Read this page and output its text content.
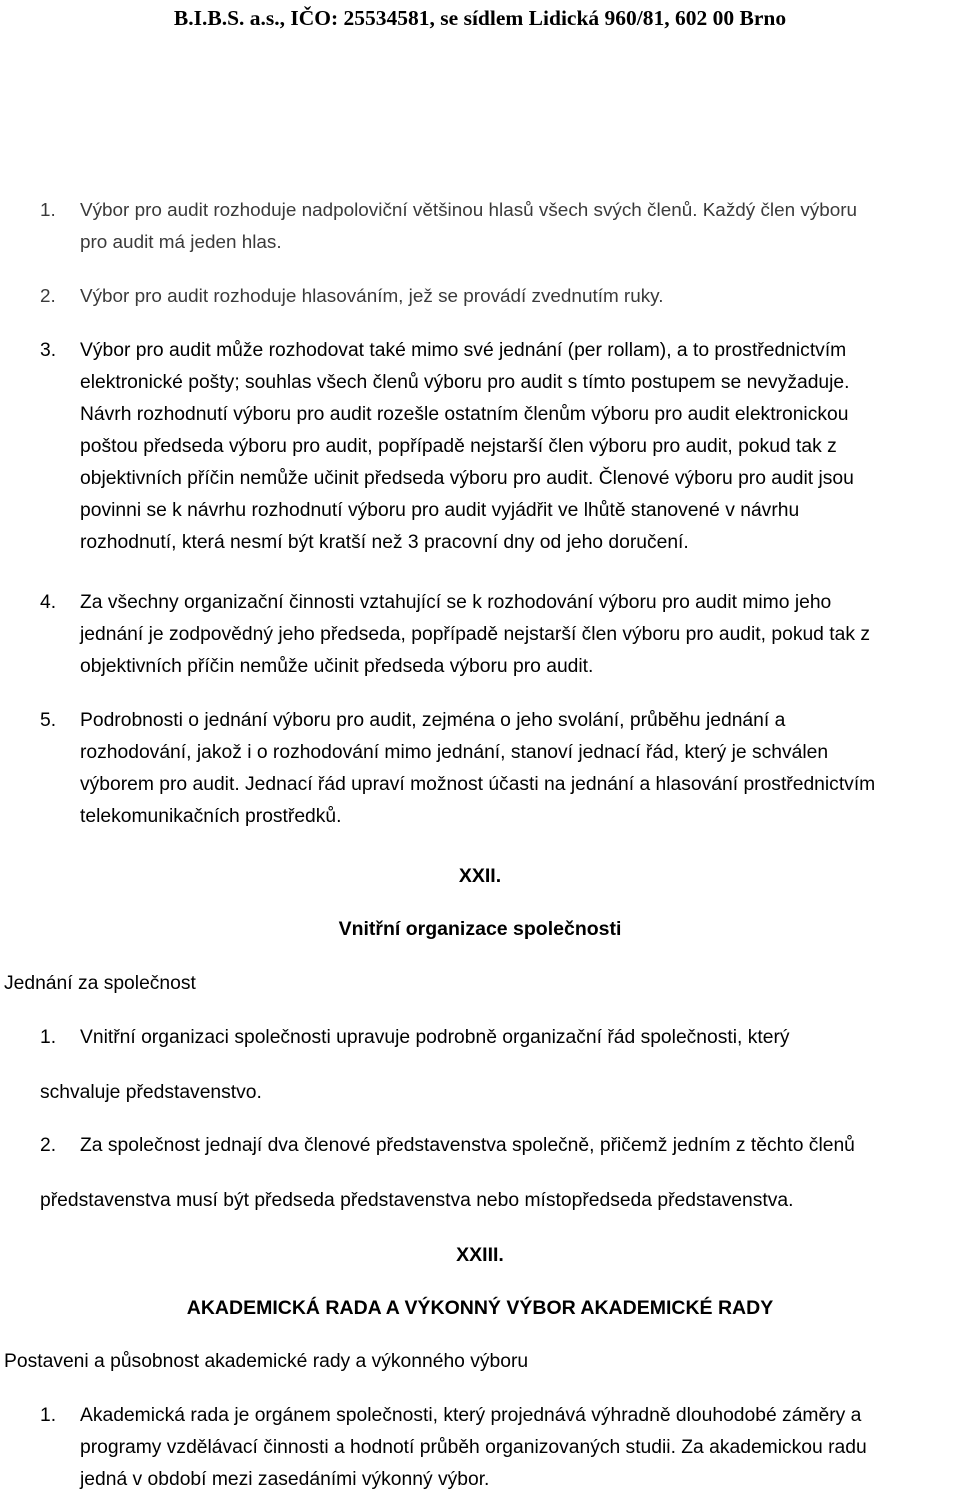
B.I.B.S. a.s., IČO: 25534581, se sídlem Lidická 960/81, 602 00 Brno
1.	Výbor pro audit rozhoduje nadpoloviční většinou hlasů všech svých členů. Každý člen výboru
pro audit má jeden hlas.
2.	Výbor pro audit rozhoduje hlasováním, jež se provádí zvednutím ruky.
3.	Výbor pro audit může rozhodovat také mimo své jednání (per rollam), a to prostřednictvím
elektronické pošty; souhlas všech členů výboru pro audit s tímto postupem se nevyžaduje.
Návrh rozhodnutí výboru pro audit rozešle ostatním členům výboru pro audit elektronickou
poštou předseda výboru pro audit, popřípadě nejstarší člen výboru pro audit, pokud tak z
objektivních příčin nemůže učinit předseda výboru pro audit. Členové výboru pro audit jsou
povinni se k návrhu rozhodnutí výboru pro audit vyjádřit ve lhůtě stanovené v návrhu
rozhodnutí, která nesmí být kratší než 3 pracovní dny od jeho doručení.
4.	Za všechny organizační činnosti vztahující se k rozhodování výboru pro audit mimo jeho
jednání je zodpovědný jeho předseda, popřípadě nejstarší člen výboru pro audit, pokud tak z
objektivních příčin nemůže učinit předseda výboru pro audit.
5.	Podrobnosti o jednání výboru pro audit, zejména o jeho svolání, průběhu jednání a
rozhodování, jakož i o rozhodování mimo jednání, stanoví jednací řád, který je schválen
výborem pro audit. Jednací řád upraví možnost účasti na jednání a hlasování prostřednictvím
telekomunikačních prostředků.
XXII.
Vnitřní organizace společnosti
Jednání za společnost
1. Vnitřní organizaci společnosti upravuje podrobně organizační řád společnosti, který
schvaluje představenstvo.
2. Za společnost jednají dva členové představenstva společně, přičemž jedním z těchto členů
představenstva musí být předseda představenstva nebo místopředseda představenstva.
XXIII.
AKADEMICKÁ RADA A VÝKONNÝ VÝBOR AKADEMICKÉ RADY
Postaveni a působnost akademické rady a výkonného výboru
1.	Akademická rada je orgánem společnosti, který projednává výhradně dlouhodobé záměry a
programy vzdělávací činnosti a hodnotí průběh organizovaných studii. Za akademickou radu
jedná v období mezi zasedáními výkonný výbor.
